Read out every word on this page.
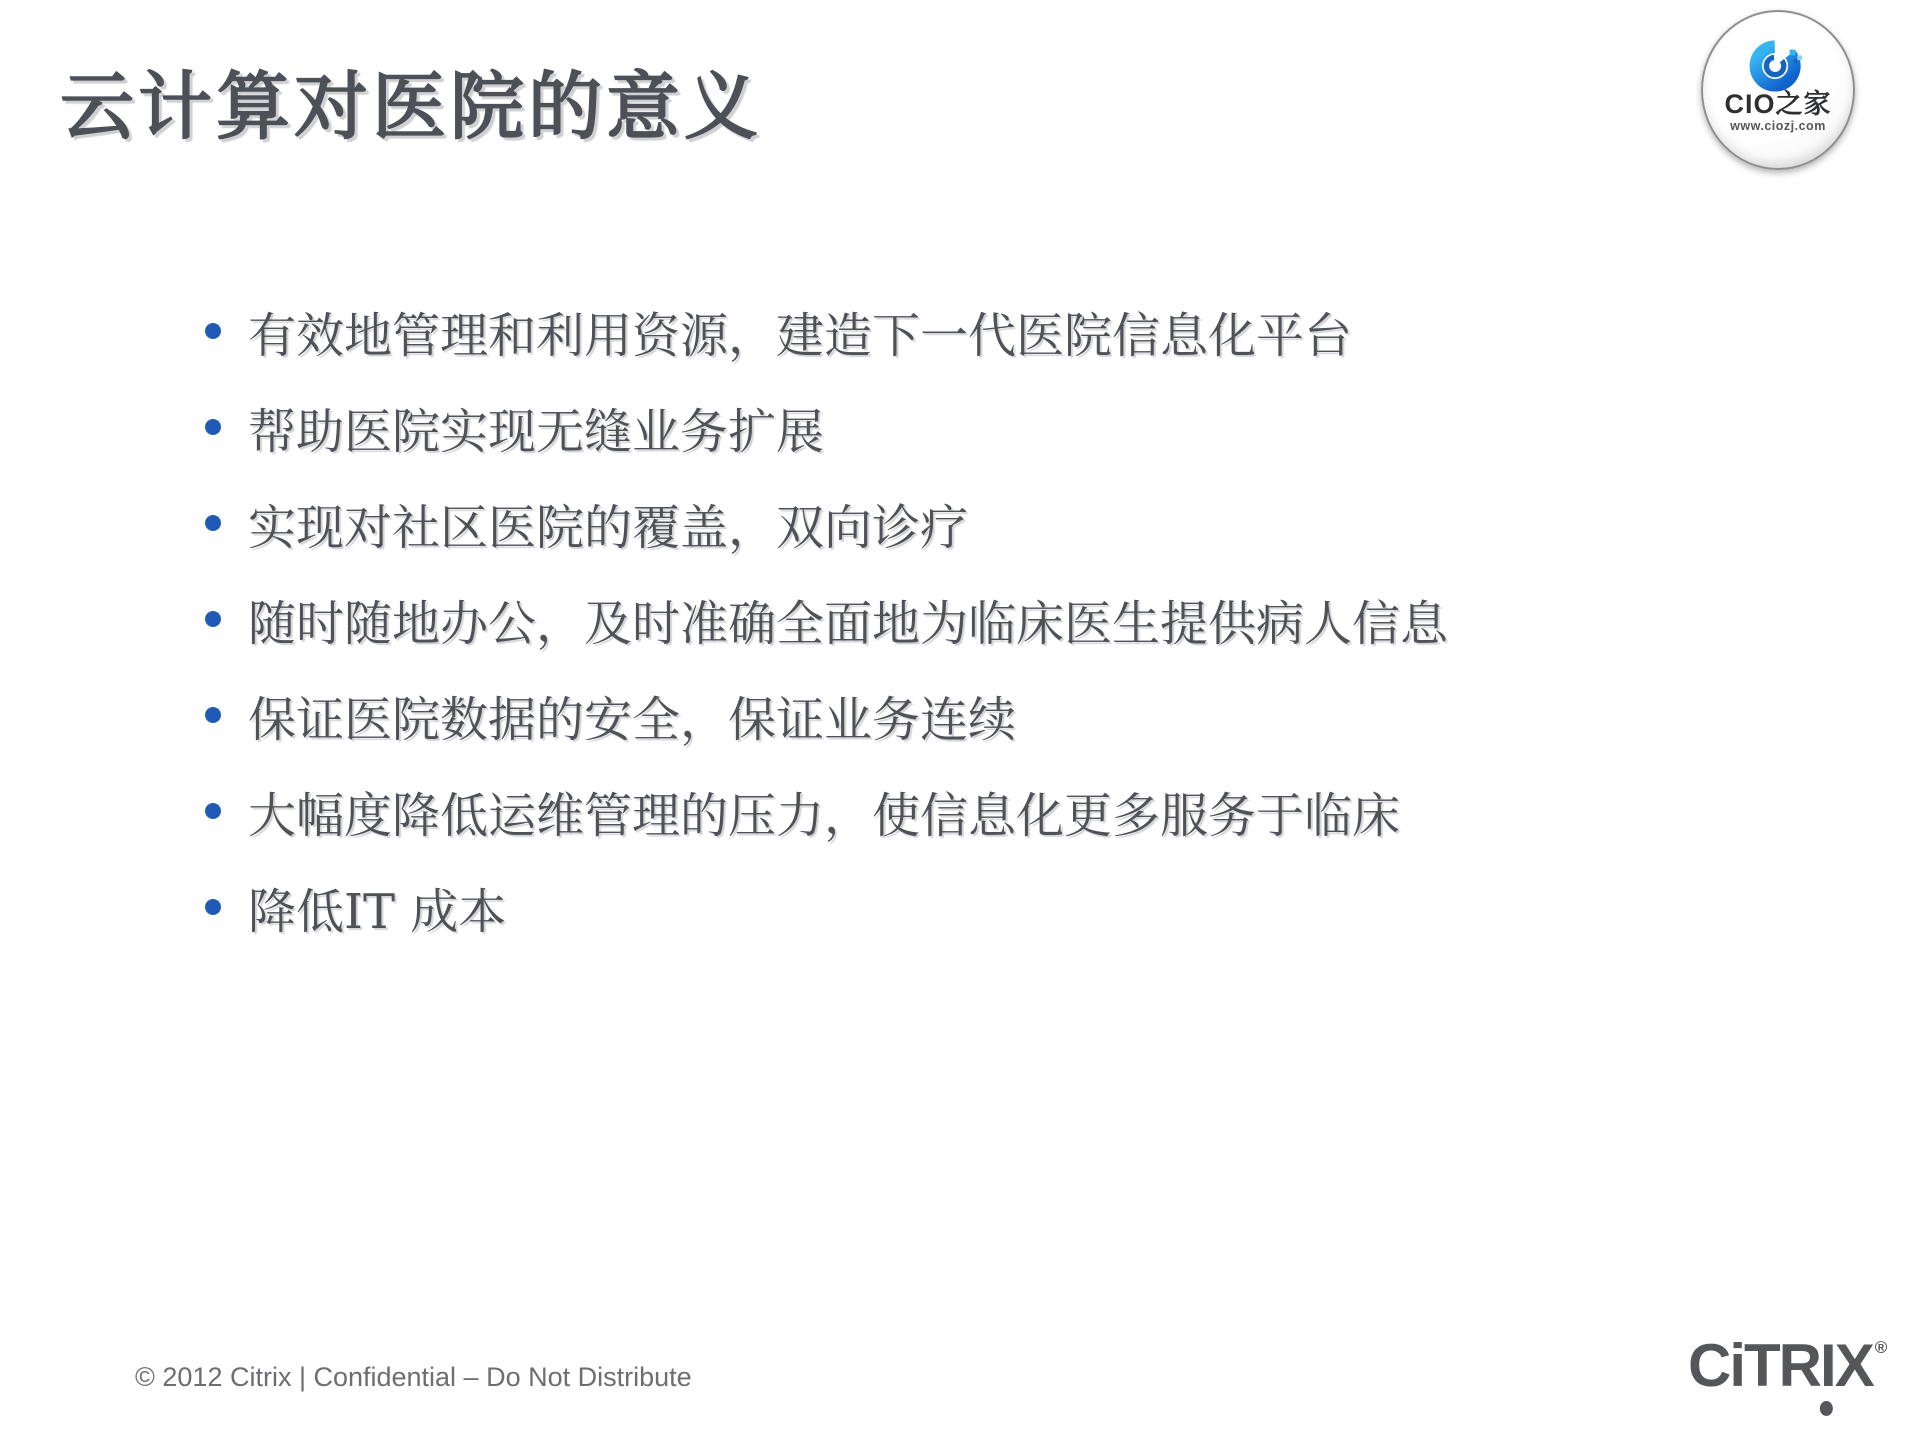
云计算对医院的意义	CIO之家
www.ciozj.com
有效地管理和利用资源，建造下一代医院信息化平台
帮助医院实现无缝业务扩展
实现对社区医院的覆盖，双向诊疗
随时随地办公，及时准确全面地为临床医生提供病人信息
保证医院数据的安全，保证业务连续
大幅度降低运维管理的压力，使信息化更多服务于临床
降低IT 成本
© 2012 Citrix | Confidential – Do Not Distribute	C i T R I X ®
